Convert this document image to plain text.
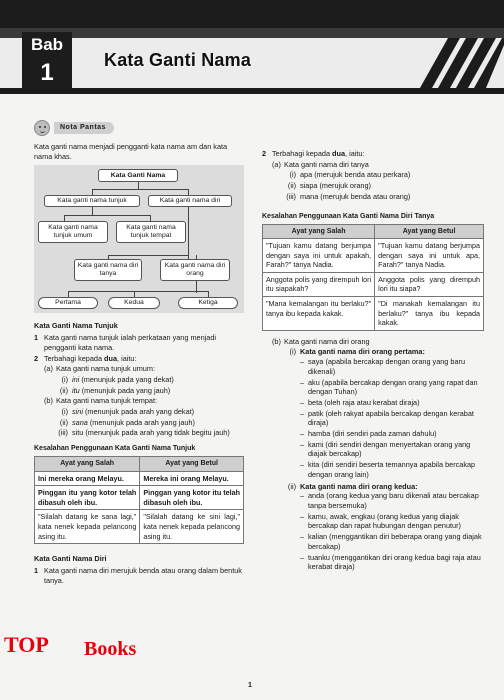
Bab
1	Kata Ganti Nama
Nota Pantas

Kata ganti nama menjadi pengganti kata nama am dan kata nama khas.

Kata Ganti Nama
Kata ganti nama tunjuk	Kata ganti nama diri
Kata ganti nama tunjuk umum
Kata ganti nama tunjuk tempat
Kata ganti nama diri tanya
Kata ganti nama diri orang
Pertama	Kedua	Ketiga
Kata Ganti Nama Tunjuk
1 Kata ganti nama tunjuk ialah perkataan yang menjadi pengganti kata nama.
2 Terbahagi kepada dua, iaitu:
(a) Kata ganti nama tunjuk umum:
(i) ini (menunjuk pada yang dekat)
(ii) itu (menunjuk pada yang jauh)
(b) Kata ganti nama tunjuk tempat:
(i) sini (menunjuk pada arah yang dekat)
(ii) sana (menunjuk pada arah yang jauh)
(iii) situ (menunjuk pada arah yang tidak begitu jauh)
Kesalahan Penggunaan Kata Ganti Nama Tunjuk
Ayat yang Salah	Ayat yang Betul
Ini mereka orang Melayu.	Mereka ini orang Melayu.
Pinggan itu yang kotor telah dibasuh oleh ibu.	Pinggan yang kotor itu telah dibasuh oleh ibu.
"Silalah datang ke sana lagi," kata nenek kepada pelancong asing itu.	"Silalah datang ke sini lagi," kata nenek kepada pelancong asing itu.
Kata Ganti Nama Diri
1 Kata ganti nama diri merujuk benda atau orang dalam bentuk tanya.
2 Terbahagi kepada dua, iaitu:
(a) Kata ganti nama diri tanya
(i) apa (merujuk benda atau perkara)
(ii) siapa (merujuk orang)
(iii) mana (merujuk benda atau orang)
Kesalahan Penggunaan Kata Ganti Nama Diri Tanya
Ayat yang Salah	Ayat yang Betul
"Tujuan kamu datang berjumpa dengan saya ini untuk apakah, Farah?" tanya Nadia.	"Tujuan kamu datang berjumpa dengan saya ini untuk apa, Farah?" tanya Nadia.
Anggota polis yang dirempuh lori itu siapakah?	Anggota polis yang dirempuh lori itu siapa?
"Mana kemalangan itu berlaku?" tanya ibu kepada kakak.	"Di manakah kemalangan itu berlaku?" tanya ibu kepada kakak.
(b) Kata ganti nama diri orang
(i) Kata ganti nama diri orang pertama:
– saya (apabila bercakap dengan orang yang baru dikenali)
– aku (apabila bercakap dengan orang yang rapat dan dengan Tuhan)
– beta (oleh raja atau kerabat diraja)
– patik (oleh rakyat apabila bercakap dengan kerabat diraja)
– hamba (diri sendiri pada zaman dahulu)
– kami (diri sendiri dengan menyertakan orang yang diajak bercakap)
– kita (diri sendiri beserta temannya apabila bercakap dengan orang lain)
(ii) Kata ganti nama diri orang kedua:
– anda (orang kedua yang baru dikenali atau bercakap tanpa bersemuka)
– kamu, awak, engkau (orang kedua yang diajak bercakap dan rapat hubungan dengan penutur)
– kalian (menggantikan diri beberapa orang yang diajak bercakap)
– tuanku (menggantikan diri orang kedua bagi raja atau kerabat diraja)
TOP Books
1
